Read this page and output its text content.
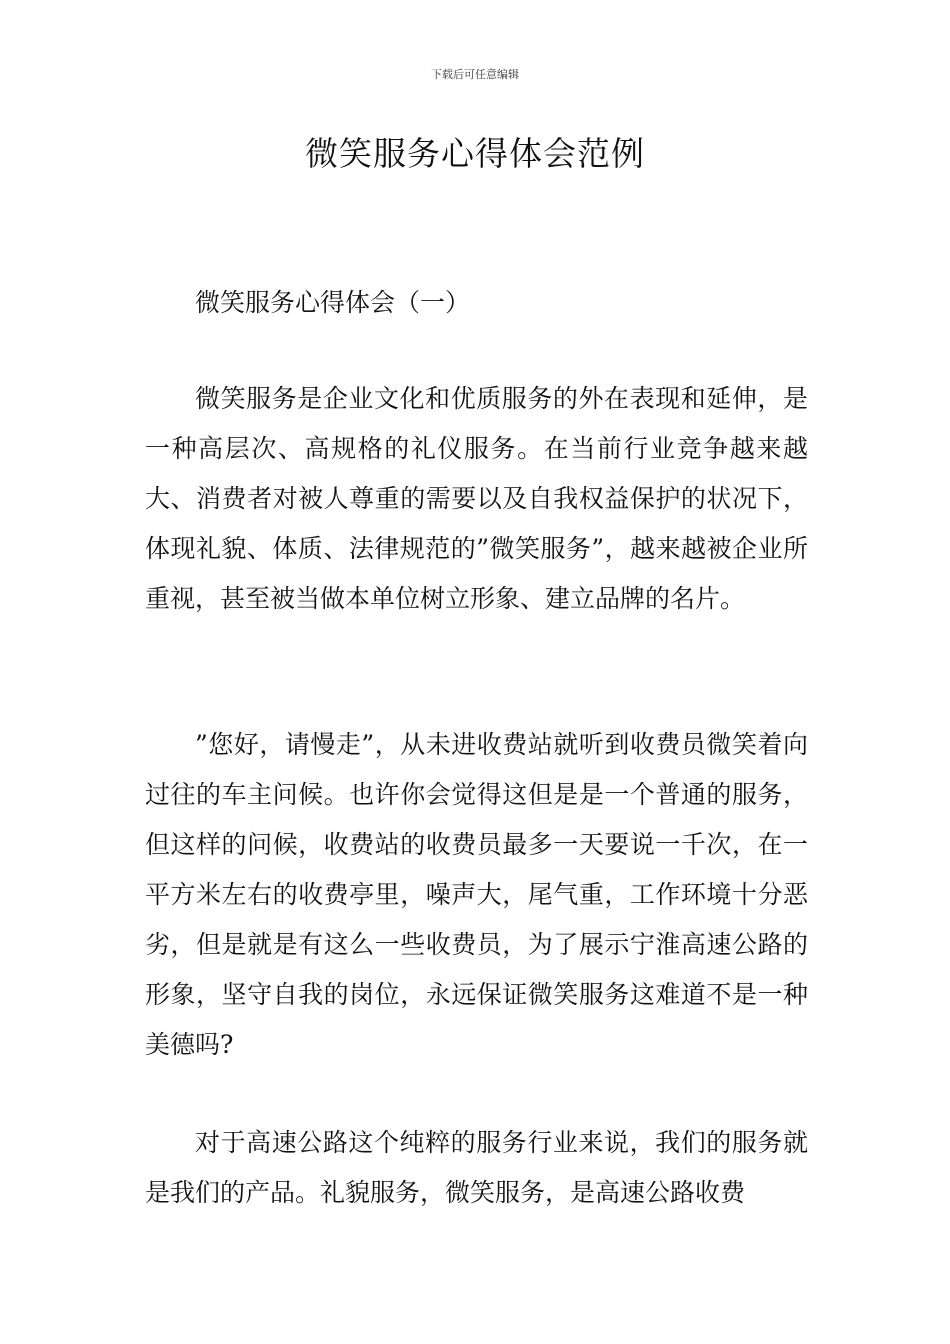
下载后可任意编辑
微笑服务心得体会范例

微笑服务心得体会（一）

微笑服务是企业文化和优质服务的外在表现和延伸，是一种高层次、高规格的礼仪服务。在当前行业竞争越来越大、消费者对被人尊重的需要以及自我权益保护的状况下，体现礼貌、体质、法律规范的”微笑服务”，越来越被企业所重视，甚至被当做本单位树立形象、建立品牌的名片。

”您好，请慢走”，从未进收费站就听到收费员微笑着向过往的车主问候。也许你会觉得这但是是一个普通的服务，但这样的问候，收费站的收费员最多一天要说一千次，在一平方米左右的收费亭里，噪声大，尾气重，工作环境十分恶劣，但是就是有这么一些收费员，为了展示宁淮高速公路的形象，坚守自我的岗位，永远保证微笑服务这难道不是一种美德吗?

对于高速公路这个纯粹的服务行业来说，我们的服务就是我们的产品。礼貌服务，微笑服务，是高速公路收费
